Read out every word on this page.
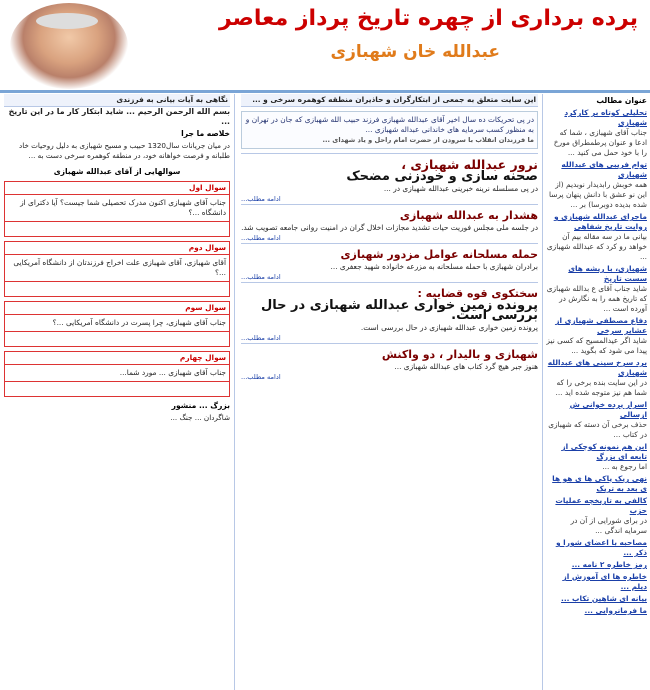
پرده برداری از چهره تاریخ پرداز معاصر
عبدالله خان شهبازی
عنوان مطالب
تحلیلی کوتاه بر کارکرد شهبازی
جناب آقای شهبازی ، شما که ادعا و عنوان پرطمطراق مورخ را با خود حمل می کنید ...
توام فریبی های عبدالله شهبازی
همه خوبش رابدیدار نوبدیم (از این نو عشق با دانش پنهان پرسا شده بدیده دوبرسا) بر ...
ماجرای عبدالله شهبازی و روایت تاریخ شفاهی
بیانی ما در سه مقاله بیم آن خواهد رو کرد که عبدالله شهبازی ...
شهبازی، با ریشه های سست تاریخ
شاید جناب آقای ع بدالله شهبازی که تاریخ همه را به نگارش در آورده است ...
دفاع مصطفی شهبازی از عشایر سرخی
شاید اگر عیدالمسیح که کسی نیز پیدا می شود که بگوید ...
برد سرخ سینی های عبدالله شهبازی
در این سایت بنده برخی را که شما هم نیز متوجه شده اید ...
اسرار پرده خوانی ش ازسالی
حذف برخی آن دسته که شهبازی در کتاب ...
ابن هم نمونه کوچکی از تابعه ای بزرگ
اما رجوع به ...
نهی ریک پاکی ها ی هو ها ی بعد به تریک
کالفی به تاریخچه عملیات حزب
در برای شورایی از آن در سرمایه اندگی ...
مصاحبه با اعضای شورا و ذکر ...
رمز خاطره ۲ نامه ...
خاطره ها ای آموزش از دیلم ...
بیانه ای شاهین تکاب ...
ما فرمانروایی ...
این سایت متعلق به جمعی از ابتکارگران و حاذیران منطقه کوهمره سرخی و ...
در پی تحریکات ده سال اخیر آقای عبدالله شهبازی فرزند حبیب الله شهبازی که جان در تهران و به منظور کسب سرمایه های خاندانی عبداله شهبازی ...
ما فرزندان انقلاب با سرودن از حضرت امام راحل و یاد شهدای ...
نرور عبدالله شهبازی ،
صحنه سازی و خودزنی مضحک
در پی مسلسله نرینه خبرینی عبدالله شهبازی در ...
ادامه مطلب...
هشدار به عبدالله شهبازی
در جلسه ملی مجلس فوریت حیات تشدید مجازات اخلال گران در امنیت روانی جامعه تصویب شد.
ادامه مطلب...
حمله مسلحانه عوامل مزدور شهبازی
برادران شهبازی با حمله مسلحانه به مزرعه خانواده شهید جعفری ...
ادامه مطلب...
سختکوی قوه قضاییه :
پرونده زمین خواری عبدالله شهبازی در حال بررسی است.
پرونده زمین خواری عبدالله شهبازی در حال بررسی است.
ادامه مطلب...
شهبازی و بالیدار ، دو واکنش
هنوز جبر هیچ گرد کتاب های عبدالله شهبازی ...
ادامه مطلب...
نگاهی به آیات بیانی به فرزندی
بسم الله الرحمن الرحیم ... شاید ابتکار کار ما در این تاریخ ...
خلاصه ما جرا
در میان جریانات سال1320 حبیب و مسیح شهبازی به دلیل روحیات خاد طلبانه و فرصت خواهانه خود، در منطقه کوهمره سرخی دست به ...
سوالهایی از آقای عبدالله شهبازی
سوال اول
جناب آقای شهبازی اکنون مدرک تحصیلی شما جیست؟ آیا دکترای از دانشگاه ...؟
سوال دوم
آقای شهبازی، آقای شهبازی علت اخراج فرزندتان از دانشگاه آمریکایی ...؟
سوال سوم
جناب آقای شهبازی، چرا پسرت در دانشگاه آمریکایی ...؟
سوال چهارم
جناب آقای شهبازی ... مورد شما...
بزرگ ... منشور
شاگردان ... جنگ ...
